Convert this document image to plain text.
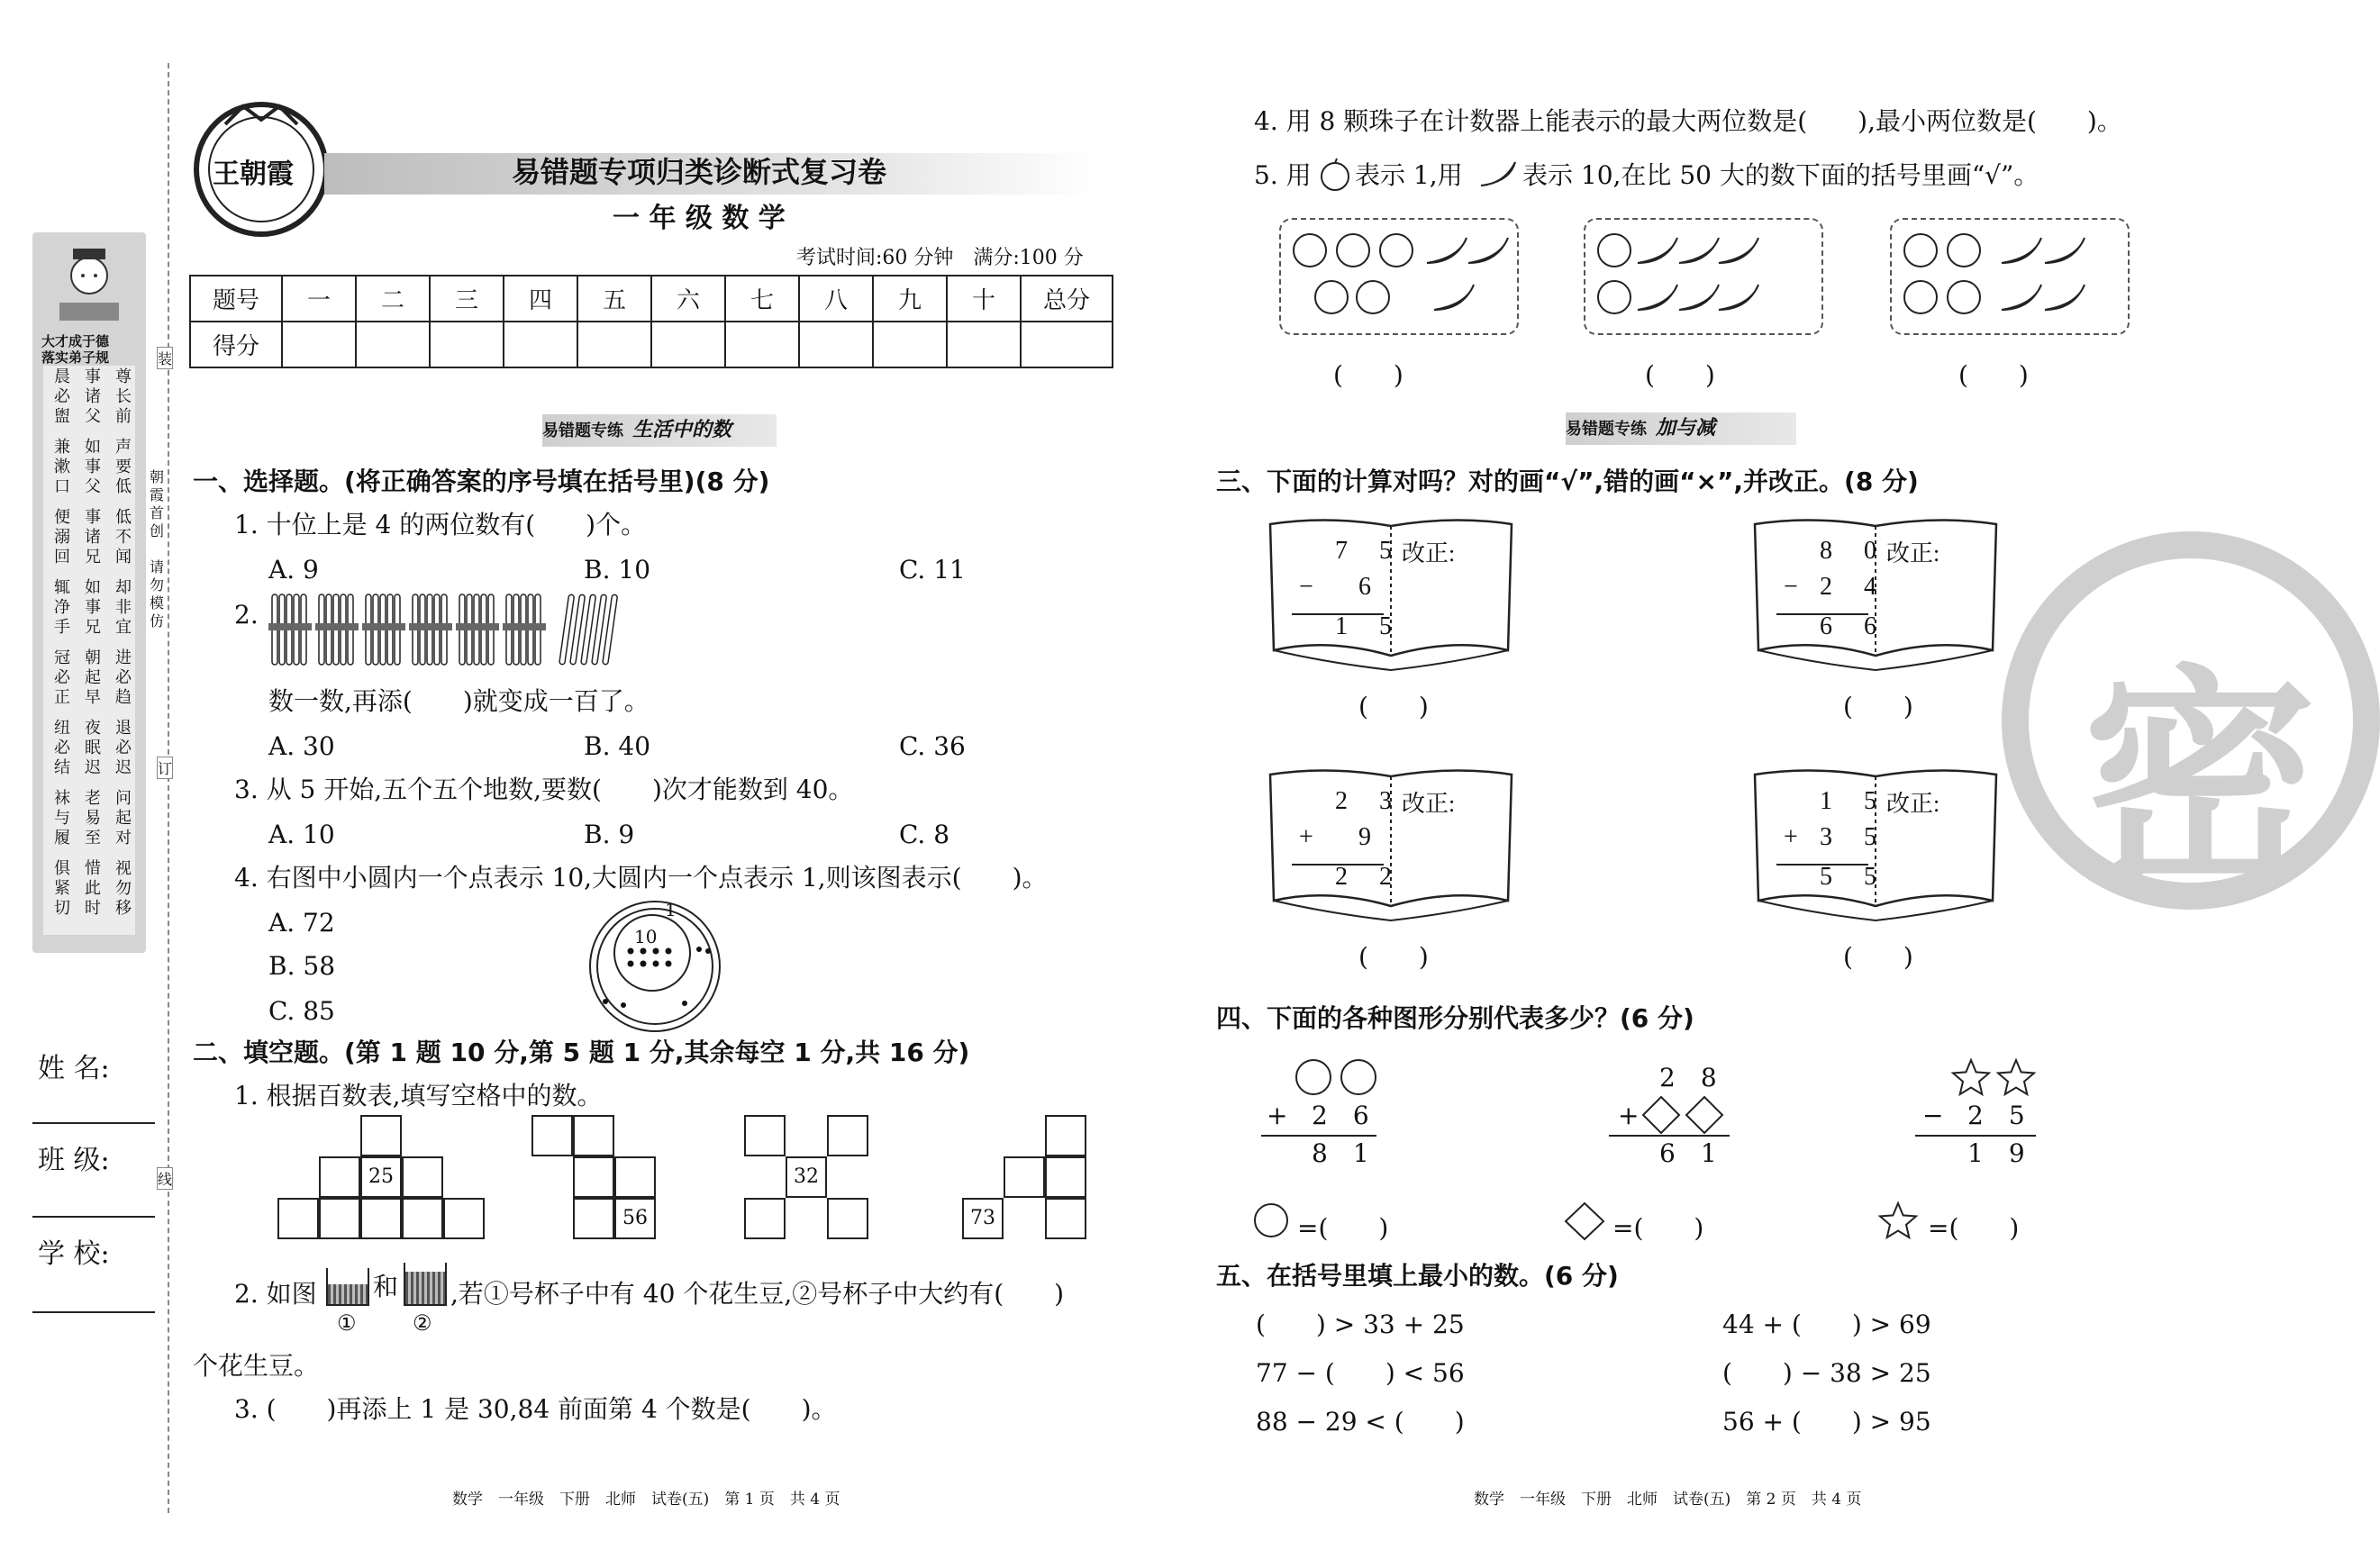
装
订
线
朝霞首创
请勿模仿
大才成于德
落实弟子规
晨必盥
事诸父
尊长前
兼漱口
如事父
声要低
便溺回
事诸兄
低不闻
辄净手
如事兄
却非宜
冠必正
朝起早
进必趋
纽必结
夜眠迟
退必迟
袜与履
老易至
问起对
俱紧切
惜此时
视勿移
姓 名:
班 级:
学 校:
王朝霞	易错题专项归类诊断式复习卷
一 年 级 数 学
考试时间:60 分钟　满分:100 分
题号	一	二	三	四	五	六	七	八	九	十	总分
得分											
易错题专练 生活中的数
一、选择题。(将正确答案的序号填在括号里)(8 分)
1. 十位上是 4 的两位数有(　　)个。
A. 9	B. 10	C. 11
2.
数一数,再添(　　)就变成一百了。
A. 30	B. 40	C. 36
3. 从 5 开始,五个五个地数,要数(　　)次才能数到 40。
A. 10	B. 9	C. 8
4. 右图中小圆内一个点表示 10,大圆内一个点表示 1,则该图表示(　　)。
A. 72
B. 58
C. 85
10
1
二、填空题。(第 1 题 10 分,第 5 题 1 分,其余每空 1 分,共 16 分)
1. 根据百数表,填写空格中的数。
25
56
32
73
2. 如图 和
①	②
,若①号杯子中有 40 个花生豆,②号杯子中大约有(　　)
个花生豆。
3. (　　)再添上 1 是 30,84 前面第 4 个数是(　　)。
数学　一年级　下册　北师　试卷(五)　第 1 页　共 4 页
4. 用 8 颗珠子在计数器上能表示的最大两位数是(　　),最小两位数是(　　)。
5. 用 表示 1,用 表示 10,在比 50 大的数下面的括号里画“√”。
(　　)	(　　)	(　　)
易错题专练 加与减
三、下面的计算对吗？对的画“√”,错的画“×”,并改正。(8 分)
7 5
− 6
1 5
改正:
(　　)
8 0
− 2 4
6 6
改正:
(　　)
2 3
+ 9
2 2
改正:
(　　)
1 5
+ 3 5
5 5
改正:
(　　)
四、下面的各种图形分别代表多少？(6 分)
+ 2　6
8　1
2　8
+
6　1
− 2　5
1　9
=(　　)	=(　　)	=(　　)
五、在括号里填上最小的数。(6 分)
(　　) > 33 + 25	44 + (　　) > 69
77 − (　　) < 56	(　　) − 38 > 25
88 − 29 < (　　)	56 + (　　) > 95
密
数学　一年级　下册　北师　试卷(五)　第 2 页　共 4 页
